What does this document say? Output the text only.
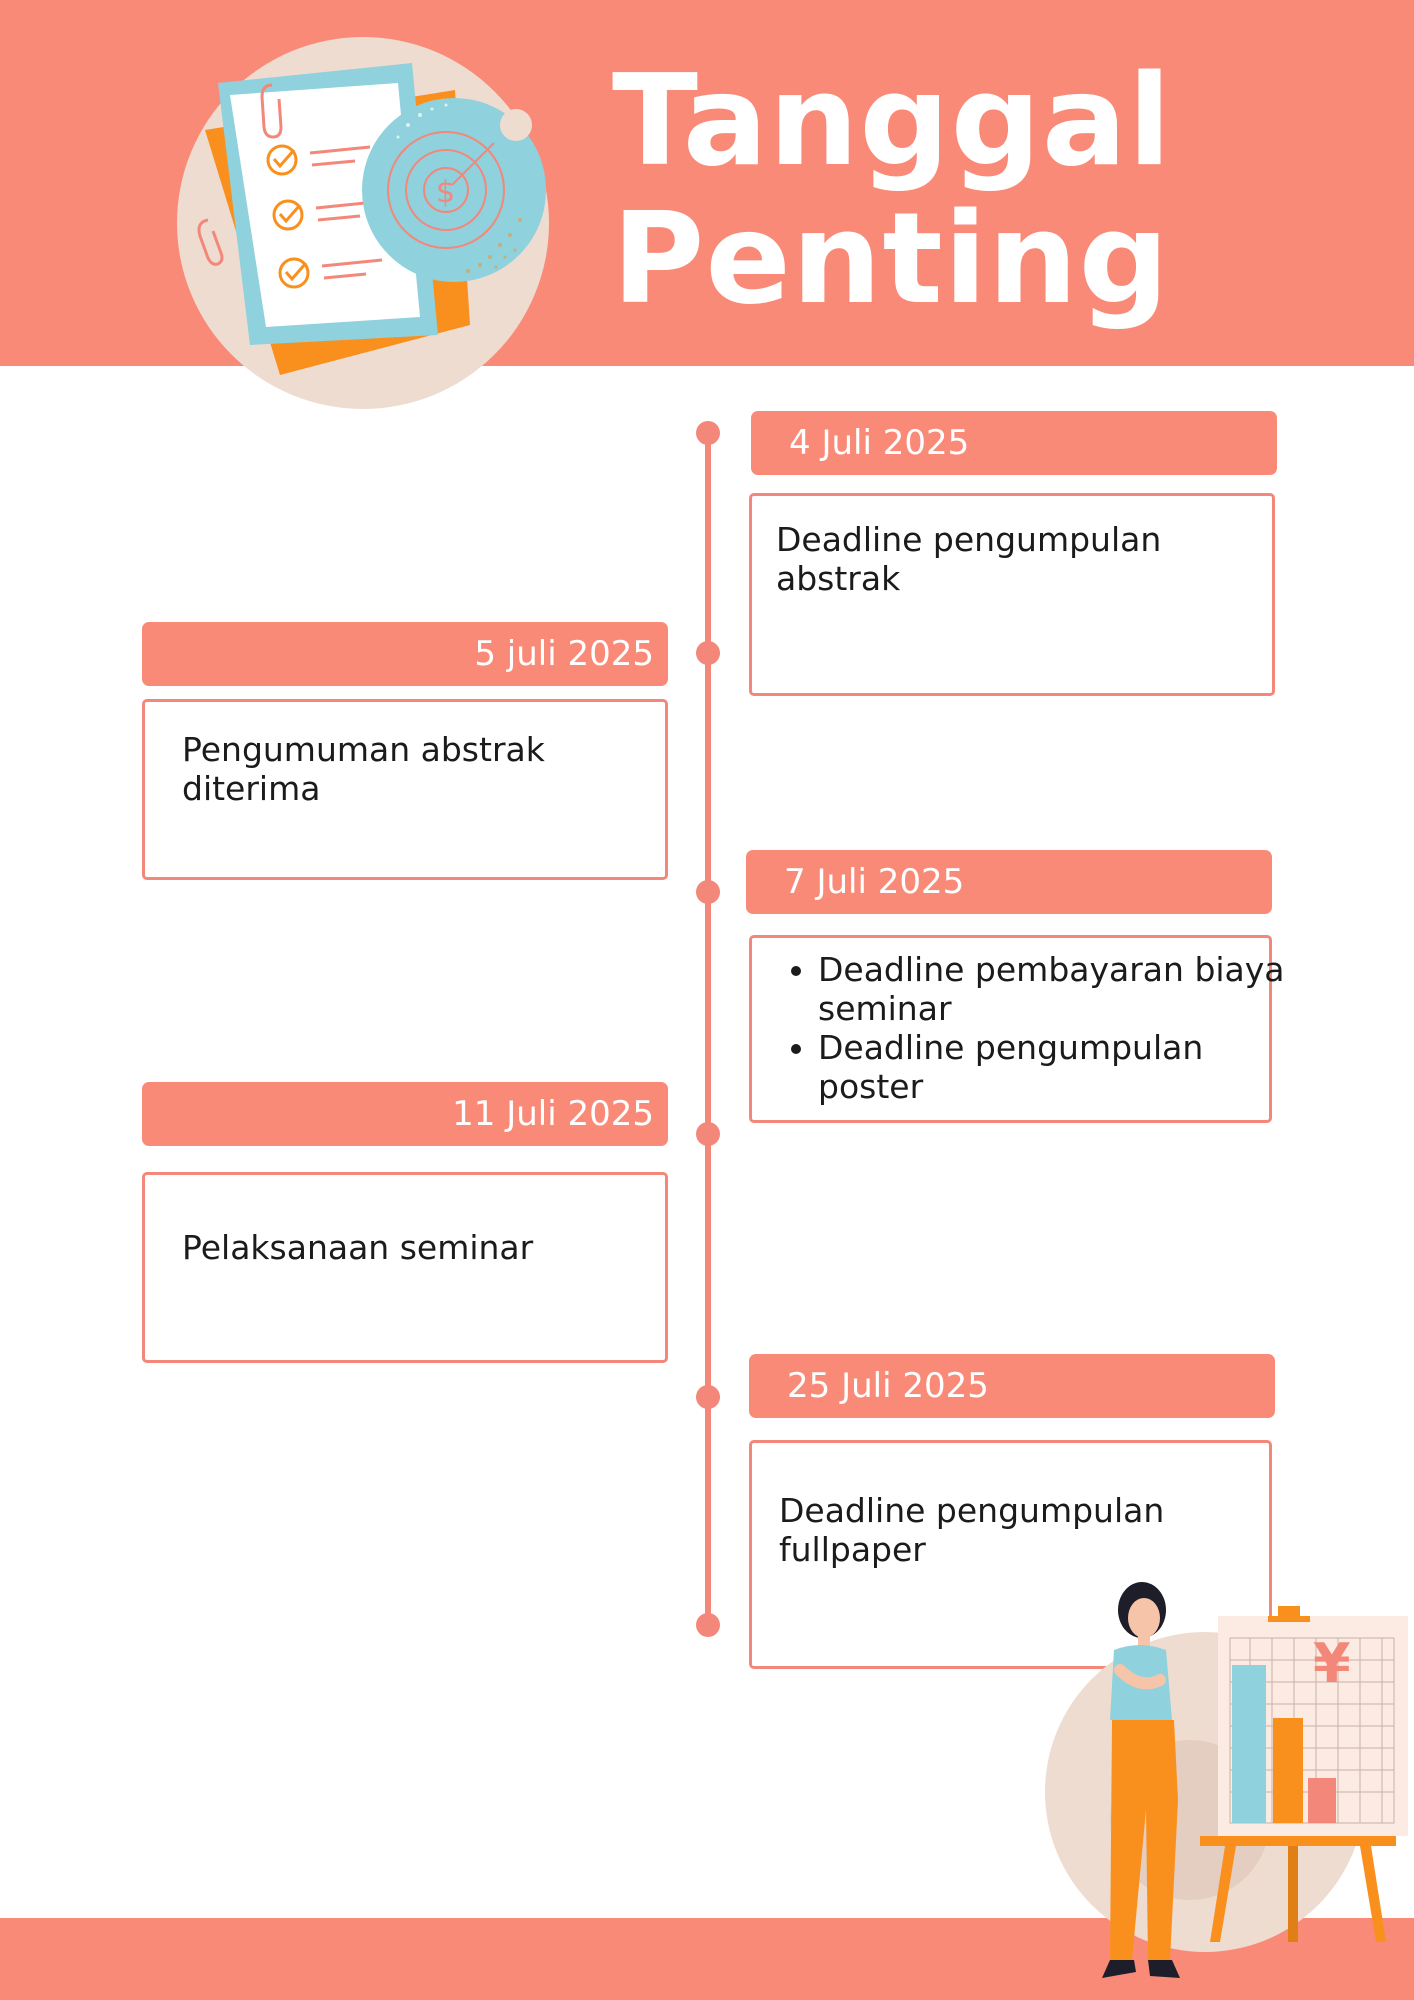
$ Tanggal
Penting
4 Juli 2025
Deadline pengumpulan abstrak
5 juli 2025
Pengumuman abstrak diterima
7 Juli 2025
• Deadline pembayaran biaya seminar
• Deadline pengumpulan poster
11 Juli 2025
Pelaksanaan seminar
25 Juli 2025
Deadline pengumpulan fullpaper
¥
